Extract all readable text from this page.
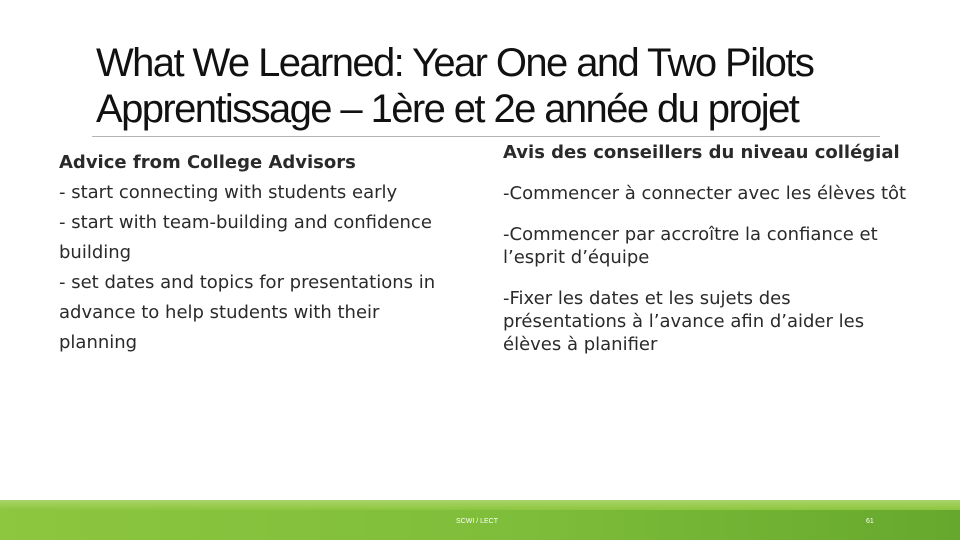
What We Learned: Year One and Two Pilots
Apprentissage – 1ère et 2e année du projet
Advice from College Advisors
- start connecting with students early
- start with team-building and confidence
building
- set dates and topics for presentations in
advance to help students with their
planning
Avis des conseillers du niveau collégial

-Commencer à connecter avec les élèves tôt

-Commencer par accroître la confiance et l’esprit d’équipe

-Fixer les dates et les sujets des présentations à l’avance afin d’aider les élèves à planifier

SCWI / LECT	61
